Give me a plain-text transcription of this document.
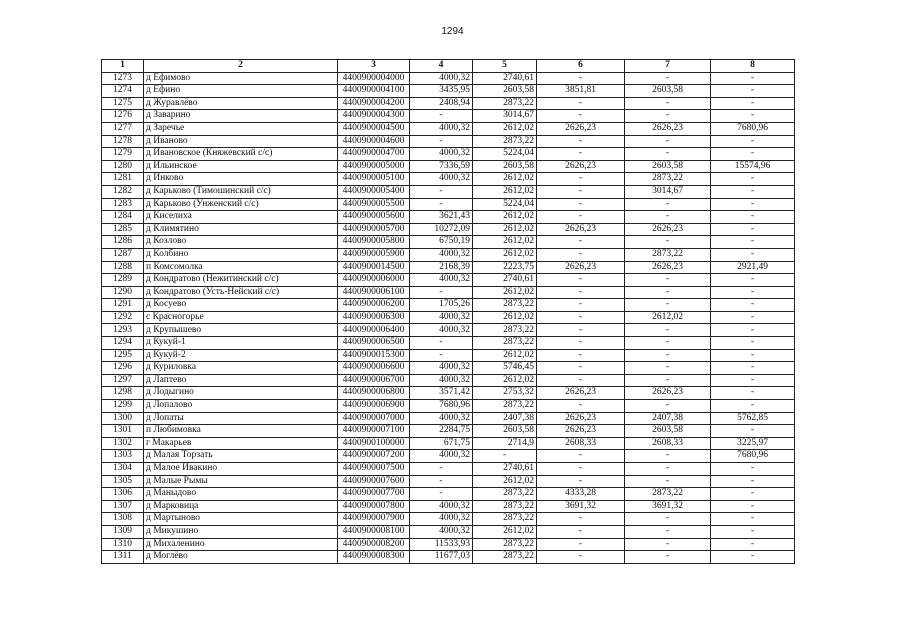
1294
1	2	3	4	5	6	7	8
1273	д Ефимово	4400900004000	4000,32	2740,61	-	-	-
1274	д Ефино	4400900004100	3435,95	2603,58	3851,81	2603,58	-
1275	д Журавлёво	4400900004200	2408,94	2873,22	-	-	-
1276	д Заварино	4400900004300	-	3014,67	-	-	-
1277	д Заречье	4400900004500	4000,32	2612,02	2626,23	2626,23	7680,96
1278	д Иваново	4400900004600	-	2873,22	-	-	-
1279	д Ивановское (Княжевский с/с)	4400900004700	4000,32	5224,04	-	-	-
1280	д Ильинское	4400900005000	7336,59	2603,58	2626,23	2603,58	15574,96
1281	д Инково	4400900005100	4000,32	2612,02	-	2873,22	-
1282	д Карьково (Тимошинский с/с)	4400900005400	-	2612,02	-	3014,67	-
1283	д Карьково (Унженский с/с)	4400900005500	-	5224,04	-	-	-
1284	д Киселиха	4400900005600	3621,43	2612,02	-	-	-
1285	д Климятино	4400900005700	10272,09	2612,02	2626,23	2626,23	-
1286	д Козлово	4400900005800	6750,19	2612,02	-	-	-
1287	д Колбино	4400900005900	4000,32	2612,02	-	2873,22	-
1288	п Комсомолка	4400900014500	2168,39	2223,75	2626,23	2626,23	2921,49
1289	д Кондратово (Нежитинский с/с)	4400900006000	4000,32	2740,61	-	-	-
1290	д Кондратово (Усть-Нейский с/с)	4400900006100	-	2612,02	-	-	-
1291	д Косуево	4400900006200	1705,26	2873,22	-	-	-
1292	с Красногорье	4400900006300	4000,32	2612,02	-	2612,02	-
1293	д Крупышево	4400900006400	4000,32	2873,22	-	-	-
1294	д Кукуй-1	4400900006500	-	2873,22	-	-	-
1295	д Кукуй-2	4400900015300	-	2612,02	-	-	-
1296	д Куриловка	4400900006600	4000,32	5746,45	-	-	-
1297	д Лаптево	4400900006700	4000,32	2612,02	-	-	-
1298	д Лодыгино	4400900006800	3571,42	2753,32	2626,23	2626,23	-
1299	д Лопалово	4400900006900	7680,96	2873,22	-	-	-
1300	д Лопаты	4400900007000	4000,32	2407,38	2626,23	2407,38	5762,85
1301	п Любимовка	4400900007100	2284,75	2603,58	2626,23	2603,58	-
1302	г Макарьев	4400900100000	671,75	2714,9	2608,33	2608,33	3225,97
1303	д Малая Торзать	4400900007200	4000,32	-	-	-	7680,96
1304	д Малое Ивакино	4400900007500	-	2740,61	-	-	-
1305	д Малые Рымы	4400900007600	-	2612,02	-	-	-
1306	д Маныдово	4400900007700	-	2873,22	4333,28	2873,22	-
1307	д Марковица	4400900007800	4000,32	2873,22	3691,32	3691,32	-
1308	д Мартыново	4400900007900	4000,32	2873,22	-	-	-
1309	д Микушино	4400900008100	4000,32	2612,02	-	-	-
1310	д Михаленино	4400900008200	11533,93	2873,22	-	-	-
1311	д Моглёво	4400900008300	11677,03	2873,22	-	-	-
